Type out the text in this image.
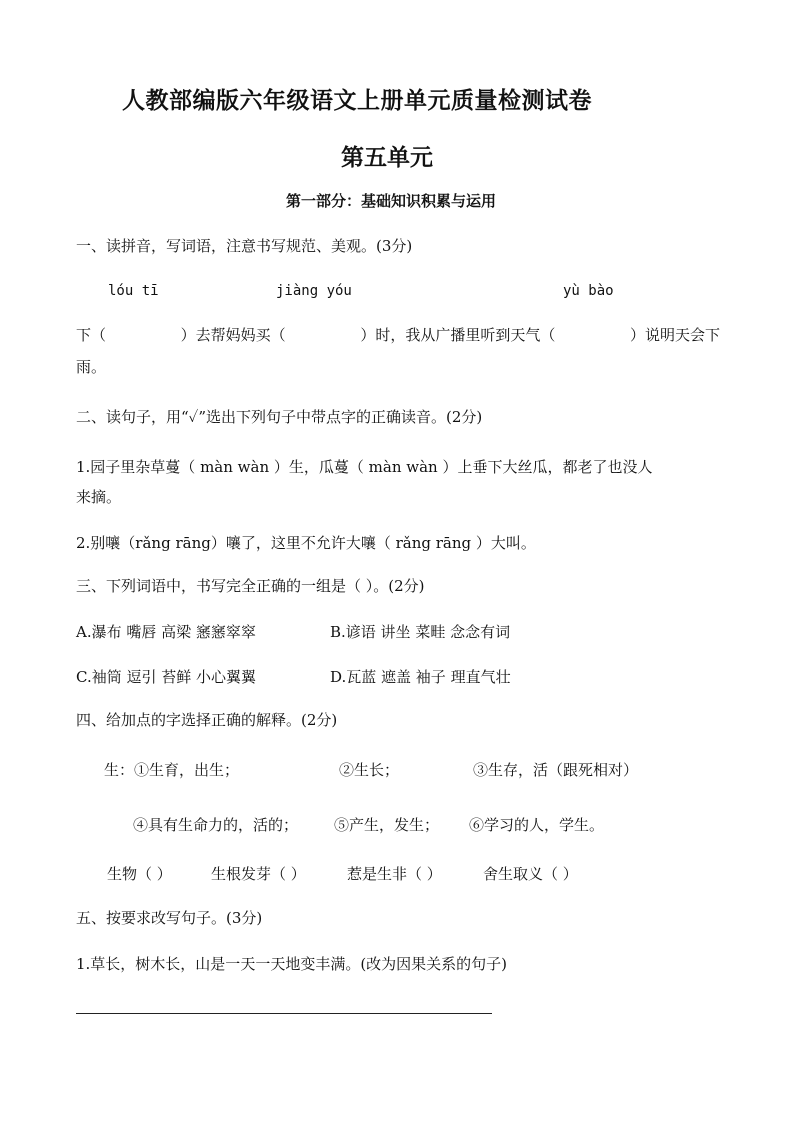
人教部编版六年级语文上册单元质量检测试卷
第五单元
第一部分：基础知识积累与运用
一、读拼音，写词语，注意书写规范、美观。(3分)
lóu tī	jiàng yóu	yù bào
下（	）去帮妈妈买（	）时，我从广播里听到天气（	）说明天会下
雨。
二、读句子，用“✓”选出下列句子中带点字的正确读音。(2分)
1.园子里杂草蔓（ màn wàn ）生，瓜蔓（ màn wàn ）上垂下大丝瓜，都老了也没人
来摘。
2.别嚷（rǎng rāng）嚷了，这里不允许大嚷（ rǎng rāng ）大叫。
三、下列词语中，书写完全正确的一组是（ ）。(2分)
A.瀑布 嘴唇 高梁 窸窸窣窣	B.谚语 讲坐 菜畦 念念有词
C.袖筒 逗引 苔鲜 小心翼翼	D.瓦蓝 遮盖 袖子 理直气壮
四、给加点的字选择正确的解释。(2分)
生： ①生育，出生；	②生长；	③生存，活（跟死相对）
④具有生命力的，活的； ⑤产生，发生； ⑥学习的人，学生。
生物（ ）	生根发芽（ ）	惹是生非（ ）	舍生取义（ ）
五、按要求改写句子。(3分)
1.草长，树木长，山是一天一天地变丰满。(改为因果关系的句子)
